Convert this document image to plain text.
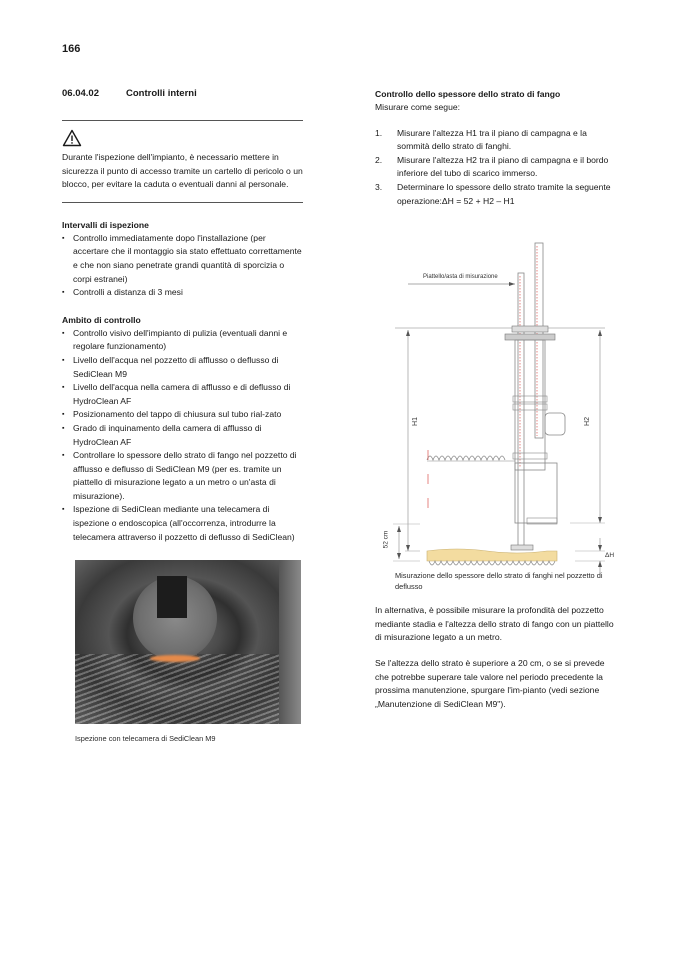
166
06.04.02	Controlli interni

Durante l'ispezione dell'impianto, è necessario mettere in sicurezza il punto di accesso tramite un cartello di pericolo o un blocco, per evitare la caduta o eventuali danni al personale.

Intervalli di ispezione
▪ Controllo immediatamente dopo l'installazione (per accertare che il montaggio sia stato effettuato correttamente e che non siano penetrate grandi quantità di sporcizia o corpi estranei)
▪ Controlli a distanza di 3 mesi
Ambito di controllo
▪ Controllo visivo dell'impianto di pulizia (eventuali danni e regolare funzionamento)
▪ Livello dell'acqua nel pozzetto di afflusso o deflusso di SediClean M9
▪ Livello dell'acqua nella camera di afflusso e di deflusso di HydroClean AF
▪ Posizionamento del tappo di chiusura sul tubo rial-zato
▪ Grado di inquinamento della camera di afflusso di HydroClean AF
▪ Controllare lo spessore dello strato di fango nel pozzetto di afflusso e deflusso di SediClean M9 (per es. tramite un piattello di misurazione legato a un metro o un'asta di misurazione).
▪ Ispezione di SediClean mediante una telecamera di ispezione o endoscopica (all'occorrenza, introdurre la telecamera attraverso il pozzetto di deflusso di SediClean)
Ispezione con telecamera di SediClean M9
Controllo dello spessore dello strato di fango

Misurare come segue:

1.	Misurare l'altezza H1 tra il piano di campagna e la sommità dello strato di fanghi.
2.	Misurare l'altezza H2 tra il piano di campagna e il bordo inferiore del tubo di scarico immerso.
3.	Determinare lo spessore dello strato tramite la seguente operazione:ΔH = 52 + H2 – H1
Piattello/asta di misurazione
H1	H2
52 cm
ΔH
Misurazione dello spessore dello strato di fanghi nel pozzetto di deflusso

In alternativa, è possibile misurare la profondità del pozzetto mediante stadia e l'altezza dello strato di fango con un piattello di misurazione legato a un metro.

Se l'altezza dello strato è superiore a 20 cm, o se si prevede che potrebbe superare tale valore nel periodo precedente la prossima manutenzione, spurgare l'im-pianto (vedi sezione „Manutenzione di SediClean M9").
